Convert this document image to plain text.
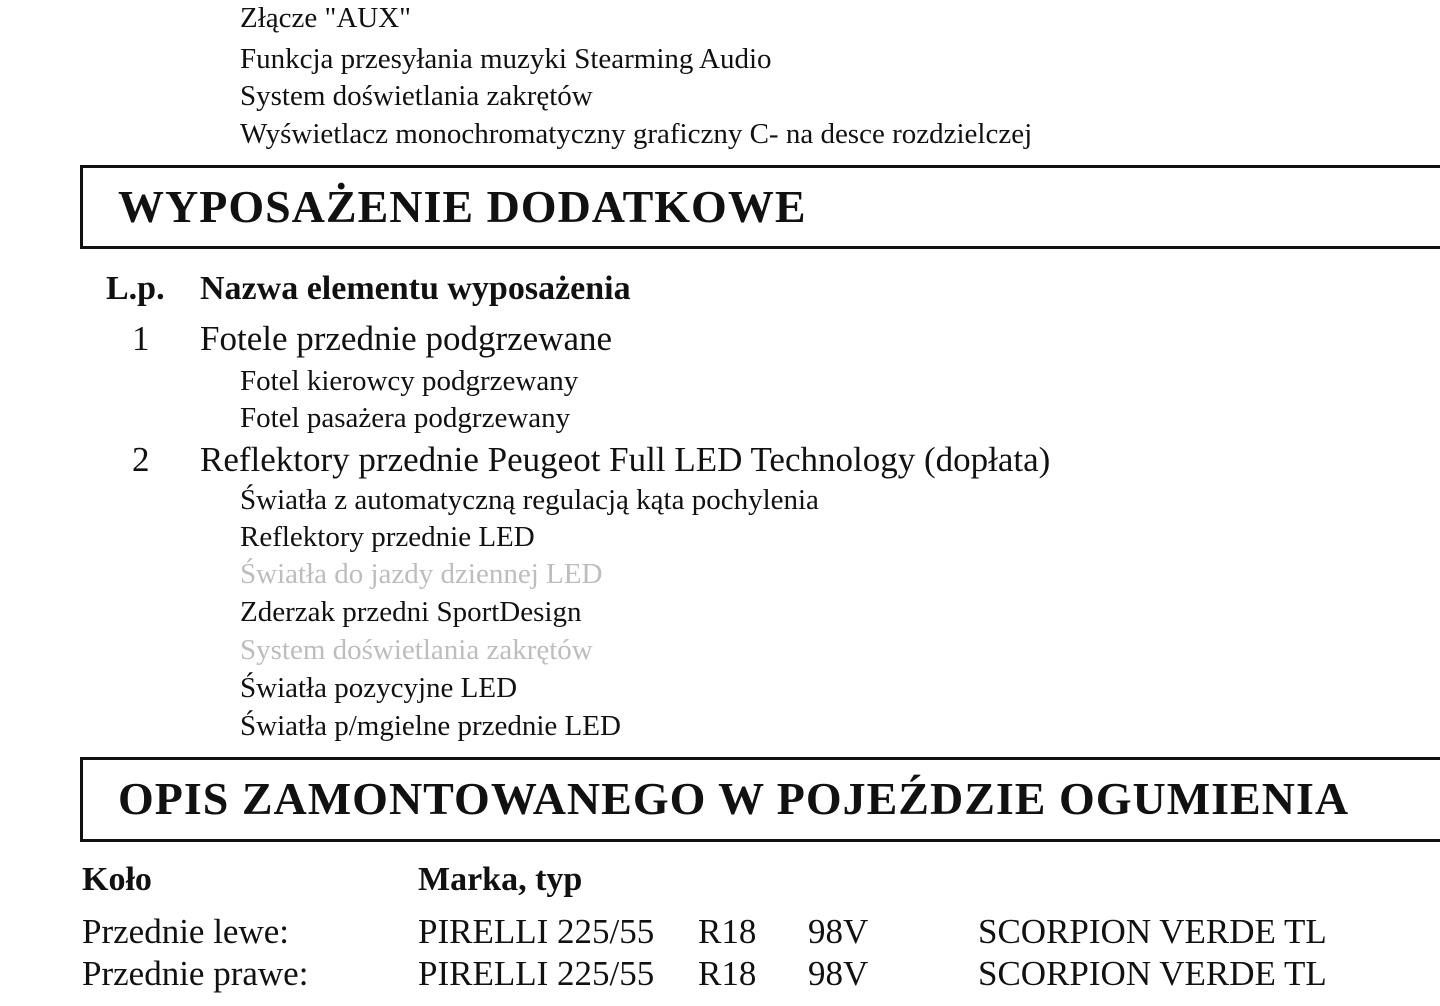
Złącze "AUX"
Funkcja przesyłania muzyki Stearming Audio
System doświetlania zakrętów
Wyświetlacz monochromatyczny graficzny C- na desce rozdzielczej
WYPOSAŻENIE DODATKOWE
L.p. Nazwa elementu wyposażenia
1 Fotele przednie podgrzewane
Fotel kierowcy podgrzewany
Fotel pasażera podgrzewany
2 Reflektory przednie Peugeot Full LED Technology (dopłata)
Światła z automatyczną regulacją kąta pochylenia
Reflektory przednie LED
Światła do jazdy dziennej LED
Zderzak przedni SportDesign
System doświetlania zakrętów
Światła pozycyjne LED
Światła p/mgielne przednie LED
OPIS ZAMONTOWANEGO W POJEŹDZIE OGUMIENIA
Koło	Marka, typ
Przednie lewe:	PIRELLI 225/55 R18 98V	SCORPION VERDE TL
Przednie prawe:	PIRELLI 225/55 R18 98V	SCORPION VERDE TL
